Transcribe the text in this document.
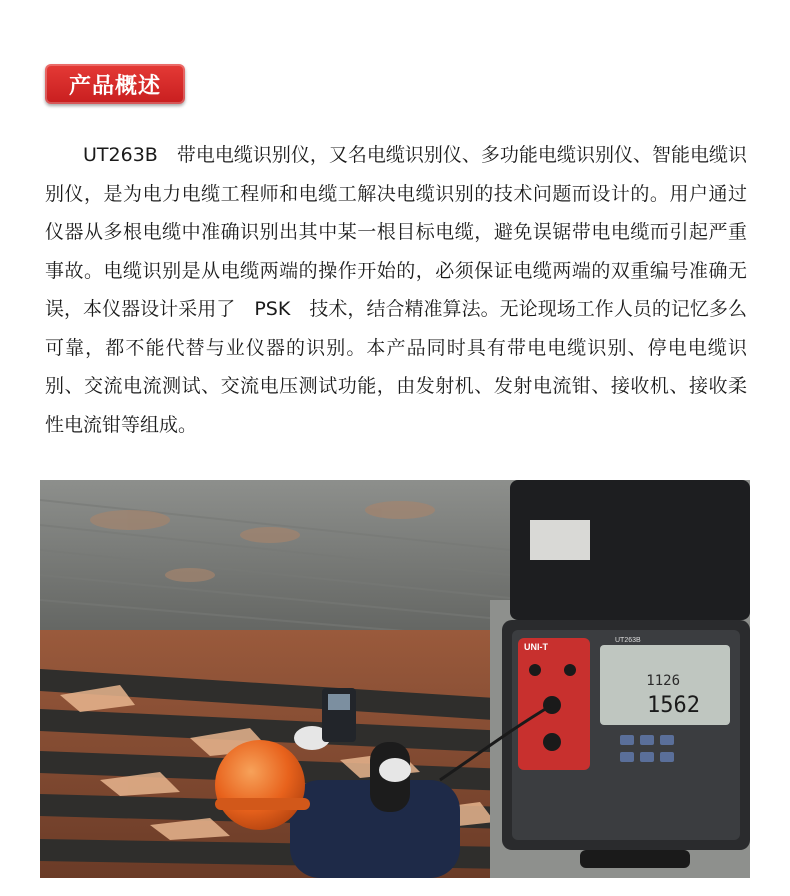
产品概述

　　UT263B　带电电缆识别仪，又名电缆识别仪、多功能电缆识别仪、智能电缆识别仪，是为电力电缆工程师和电缆工解决电缆识别的技术问题而设计的。用户通过仪器从多根电缆中准确识别出其中某一根目标电缆，避免误锯带电电缆而引起严重事故。电缆识别是从电缆两端的操作开始的，必须保证电缆两端的双重编号准确无误，本仪器设计采用了　PSK　技术，结合精准算法。无论现场工作人员的记忆多么可靠，都不能代替与业仪器的识别。本产品同时具有带电电缆识别、停电电缆识别、交流电流测试、交流电压测试功能，由发射机、发射电流钳、接收机、接收柔性电流钳等组成。

UNI-T
1126
1562
UT263B
